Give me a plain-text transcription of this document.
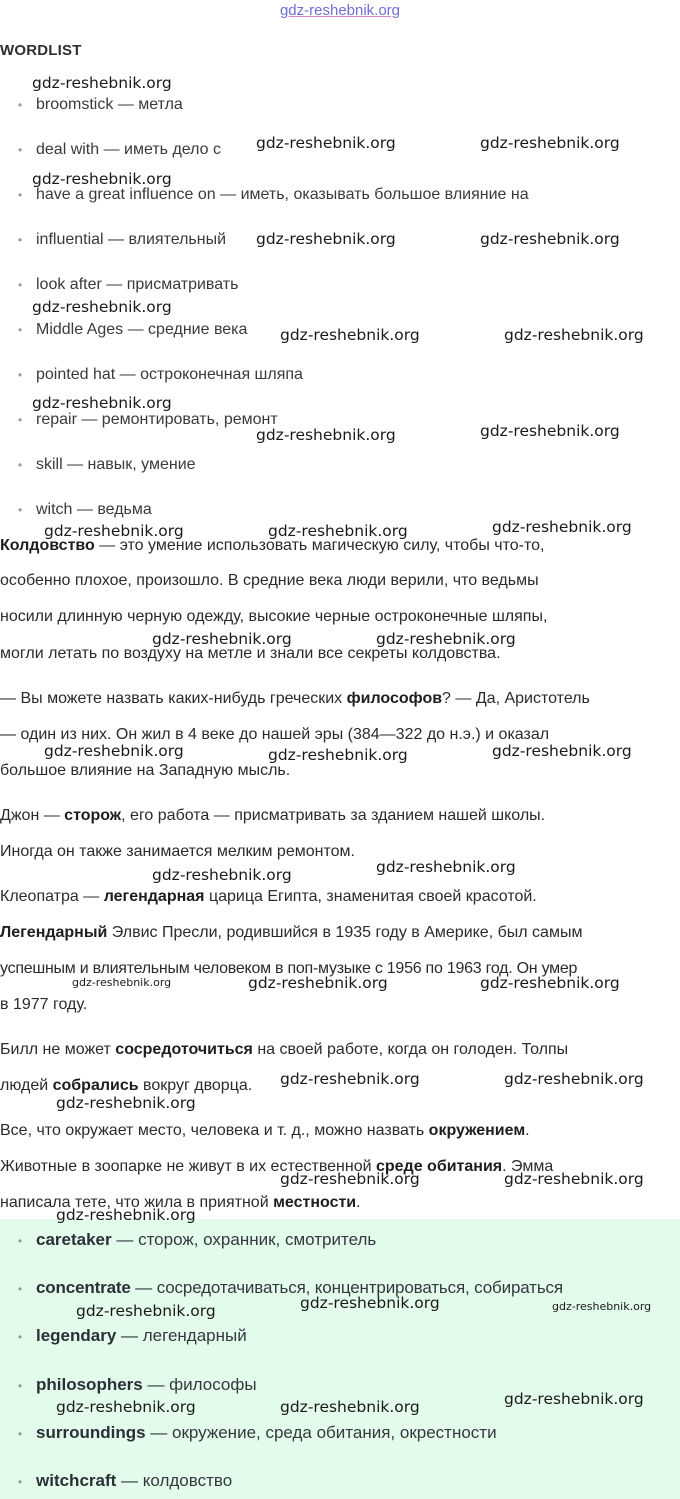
gdz-reshebnik.org
WORDLIST
• broomstick — метла
• deal with — иметь дело с
• have a great influence on — иметь, оказывать большое влияние на
• influential — влиятельный
• look after — присматривать
• Middle Ages — средние века
• pointed hat — остроконечная шляпа
• repair — ремонтировать, ремонт
• skill — навык, умение
• witch — ведьма
Колдовство — это умение использовать магическую силу, чтобы что-то,
особенно плохое, произошло. В средние века люди верили, что ведьмы
носили длинную черную одежду, высокие черные остроконечные шляпы,
могли летать по воздуху на метле и знали все секреты колдовства.
— Вы можете назвать каких-нибудь греческих философов? — Да, Аристотель
— один из них. Он жил в 4 веке до нашей эры (384—322 до н.э.) и оказал
большое влияние на Западную мысль.
Джон — сторож, его работа — присматривать за зданием нашей школы.
Иногда он также занимается мелким ремонтом.
Клеопатра — легендарная царица Египта, знаменитая своей красотой.
Легендарный Элвис Пресли, родившийся в 1935 году в Америке, был самым
успешным и влиятельным человеком в поп-музыке с 1956 по 1963 год. Он умер
в 1977 году.
Билл не может сосредоточиться на своей работе, когда он голоден. Толпы
людей собрались вокруг дворца.
Все, что окружает место, человека и т. д., можно назвать окружением.
Животные в зоопарке не живут в их естественной среде обитания. Эмма
написала тете, что жила в приятной местности.
• caretaker — сторож, охранник, смотритель
• concentrate — сосредотачиваться, концентрироваться, собираться
• legendary — легендарный
• philosophers — философы
• surroundings — окружение, среда обитания, окрестности
• witchcraft — колдовство
gdz-reshebnik.org
gdz-reshebnik.org	gdz-reshebnik.org
gdz-reshebnik.org
gdz-reshebnik.org	gdz-reshebnik.org
gdz-reshebnik.org
gdz-reshebnik.org	gdz-reshebnik.org
gdz-reshebnik.org
gdz-reshebnik.org	gdz-reshebnik.org
gdz-reshebnik.org	gdz-reshebnik.org	gdz-reshebnik.org
gdz-reshebnik.org	gdz-reshebnik.org
gdz-reshebnik.org	gdz-reshebnik.org	gdz-reshebnik.org
gdz-reshebnik.org
gdz-reshebnik.org
gdz-reshebnik.org	gdz-reshebnik.org	gdz-reshebnik.org
gdz-reshebnik.org	gdz-reshebnik.org
gdz-reshebnik.org
gdz-reshebnik.org	gdz-reshebnik.org
gdz-reshebnik.org
gdz-reshebnik.org	gdz-reshebnik.org	gdz-reshebnik.org
gdz-reshebnik.org
gdz-reshebnik.org	gdz-reshebnik.org
